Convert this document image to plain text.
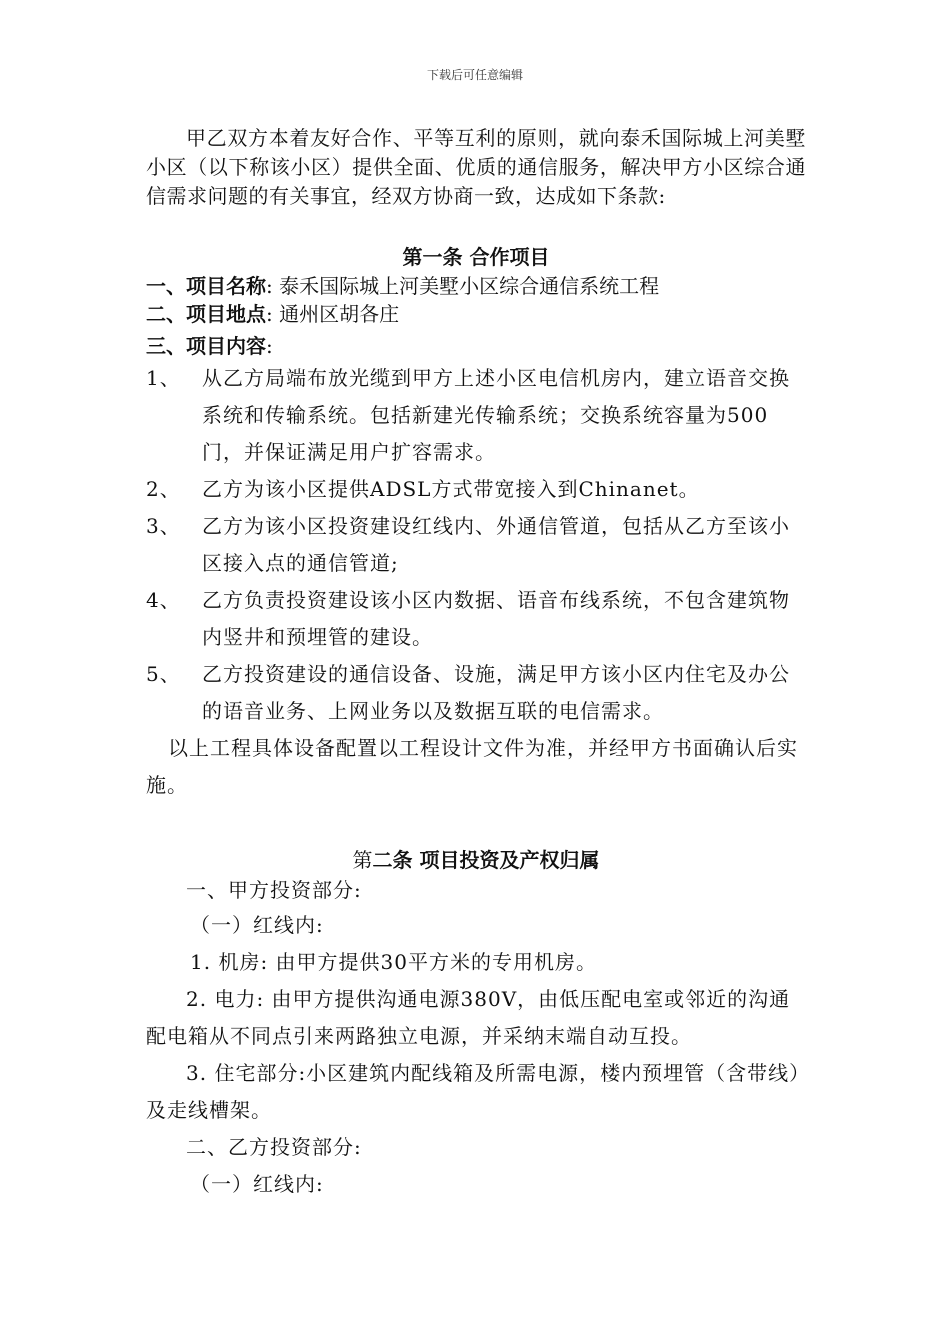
下载后可任意编辑

甲乙双方本着友好合作、平等互利的原则，就向泰禾国际城上河美墅小区（以下称该小区）提供全面、优质的通信服务，解决甲方小区综合通信需求问题的有关事宜，经双方协商一致，达成如下条款:

第一条 合作项目

一、项目名称: 泰禾国际城上河美墅小区综合通信系统工程

二、项目地点: 通州区胡各庄

三、项目内容:

1、	从乙方局端布放光缆到甲方上述小区电信机房内，建立语音交换系统和传输系统。包括新建光传输系统；交换系统容量为500门，并保证满足用户扩容需求。
2、	乙方为该小区提供ADSL方式带宽接入到Chinanet。
3、	乙方为该小区投资建设红线内、外通信管道，包括从乙方至该小区接入点的通信管道;
4、	乙方负责投资建设该小区内数据、语音布线系统，不包含建筑物内竖井和预埋管的建设。
5、	乙方投资建设的通信设备、设施，满足甲方该小区内住宅及办公的语音业务、上网业务以及数据互联的电信需求。

以上工程具体设备配置以工程设计文件为准，并经甲方书面确认后实施。

第二条 项目投资及产权归属

一、甲方投资部分:

（一）红线内:

1. 机房: 由甲方提供30平方米的专用机房。

2. 电力: 由甲方提供沟通电源380V，由低压配电室或邻近的沟通配电箱从不同点引来两路独立电源，并采纳末端自动互投。

3. 住宅部分:小区建筑内配线箱及所需电源，楼内预埋管（含带线）及走线槽架。

二、乙方投资部分:

（一）红线内:
